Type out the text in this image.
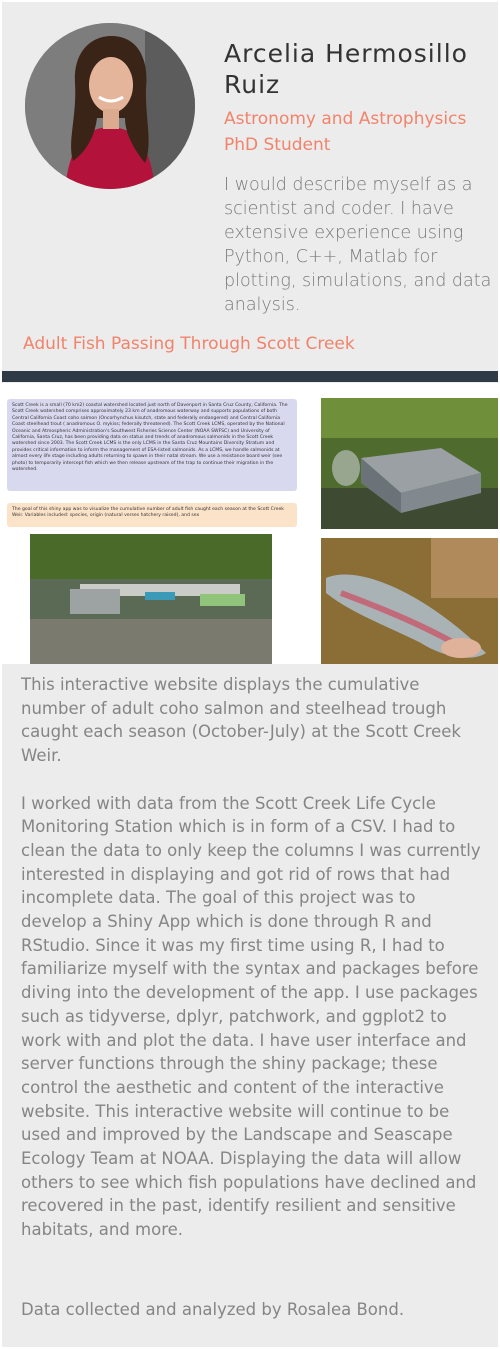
Arcelia Hermosillo Ruiz
Astronomy and Astrophysics
PhD Student
I would describe myself as a scientist and coder. I have extensive experience using Python, C++, Matlab for plotting, simulations, and data analysis.
Adult Fish Passing Through Scott Creek
Scott Creek is a small (70 km2) coastal watershed located just north of Davenport in Santa Cruz County, California. The Scott Creek watershed comprises approximately 23 km of anadromous waterway and supports populations of both Central California Coast coho salmon (Oncorhynchus kisutch, state and federally endangered) and Central California Coast steelhead trout ( anadromous O. mykiss; federally threatened). The Scott Creek LCMS, operated by the National Oceanic and Atmospheric Administration's Southwest Fisheries Science Center (NOAA SWFSC) and University of California, Santa Cruz, has been providing data on status and trends of anadromous salmonids in the Scott Creek watershed since 2003. The Scott Creek LCMS is the only LCMS in the Santa Cruz Mountains Diversity Stratum and provides critical information to inform the management of ESA-listed salmonids. As a LCMS, we handle salmonids at almost every life stage including adults returning to spawn in their natal stream. We use a resistance board weir (see photo) to temporarily intercept fish which we then release upstream of the trap to continue their migration in the watershed.
The goal of this shiny app was to visualize the cumulative number of adult fish caught each season at the Scott Creek Weir. Variables included: species, origin (natural verses hatchery raised), and sex

This interactive website displays the cumulative number of adult coho salmon and steelhead trough caught each season (October-July) at the Scott Creek Weir.

I worked with data from the Scott Creek Life Cycle Monitoring Station which is in form of a CSV. I had to clean the data to only keep the columns I was currently interested in displaying and got rid of rows that had incomplete data. The goal of this project was to develop a Shiny App which is done through R and RStudio. Since it was my first time using R, I had to familiarize myself with the syntax and packages before diving into the development of the app. I use packages such as tidyverse, dplyr, patchwork, and ggplot2 to work with and plot the data. I have user interface and server functions through the shiny package; these control the aesthetic and content of the interactive website. This interactive website will continue to be used and improved by the Landscape and Seascape Ecology Team at NOAA. Displaying the data will allow others to see which fish populations have declined and recovered in the past, identify resilient and sensitive habitats, and more.

Data collected and analyzed by Rosalea Bond.
